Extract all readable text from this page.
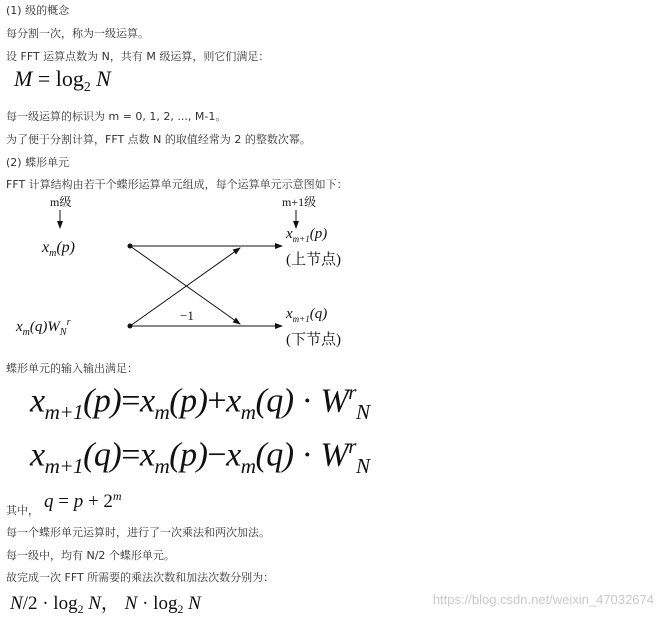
(1) 级的概念
每分割一次，称为一级运算。
设 FFT 运算点数为 N，共有 M 级运算，则它们满足：
$M = \log_2 N$
每一级运算的标识为 m = 0, 1, 2, ..., M-1。
为了便于分割计算，FFT 点数 N 的取值经常为 2 的整数次幂。
(2) 蝶形单元
FFT 计算结构由若干个蝶形运算单元组成，每个运算单元示意图如下：
m级	m+1级
$x_m(p)$
$x_m(q)W_N^r$	−1
$x_{m+1}(p)$
(上节点)
$x_{m+1}(q)$
(下节点)
蝶形单元的输入输出满足：
$x_{m+1}(p)=x_m(p)+x_m(q) \cdot W^r_N$
$x_{m+1}(q)=x_m(p)-x_m(q) \cdot W^r_N$
其中， $q = p + 2^m$
每一个蝶形单元运算时，进行了一次乘法和两次加法。
每一级中，均有 N/2 个蝶形单元。
故完成一次 FFT 所需要的乘法次数和加法次数分别为：
$N/2 \cdot \log_2 N$， $N \cdot \log_2 N$	https://blog.csdn.net/weixin_47032674
